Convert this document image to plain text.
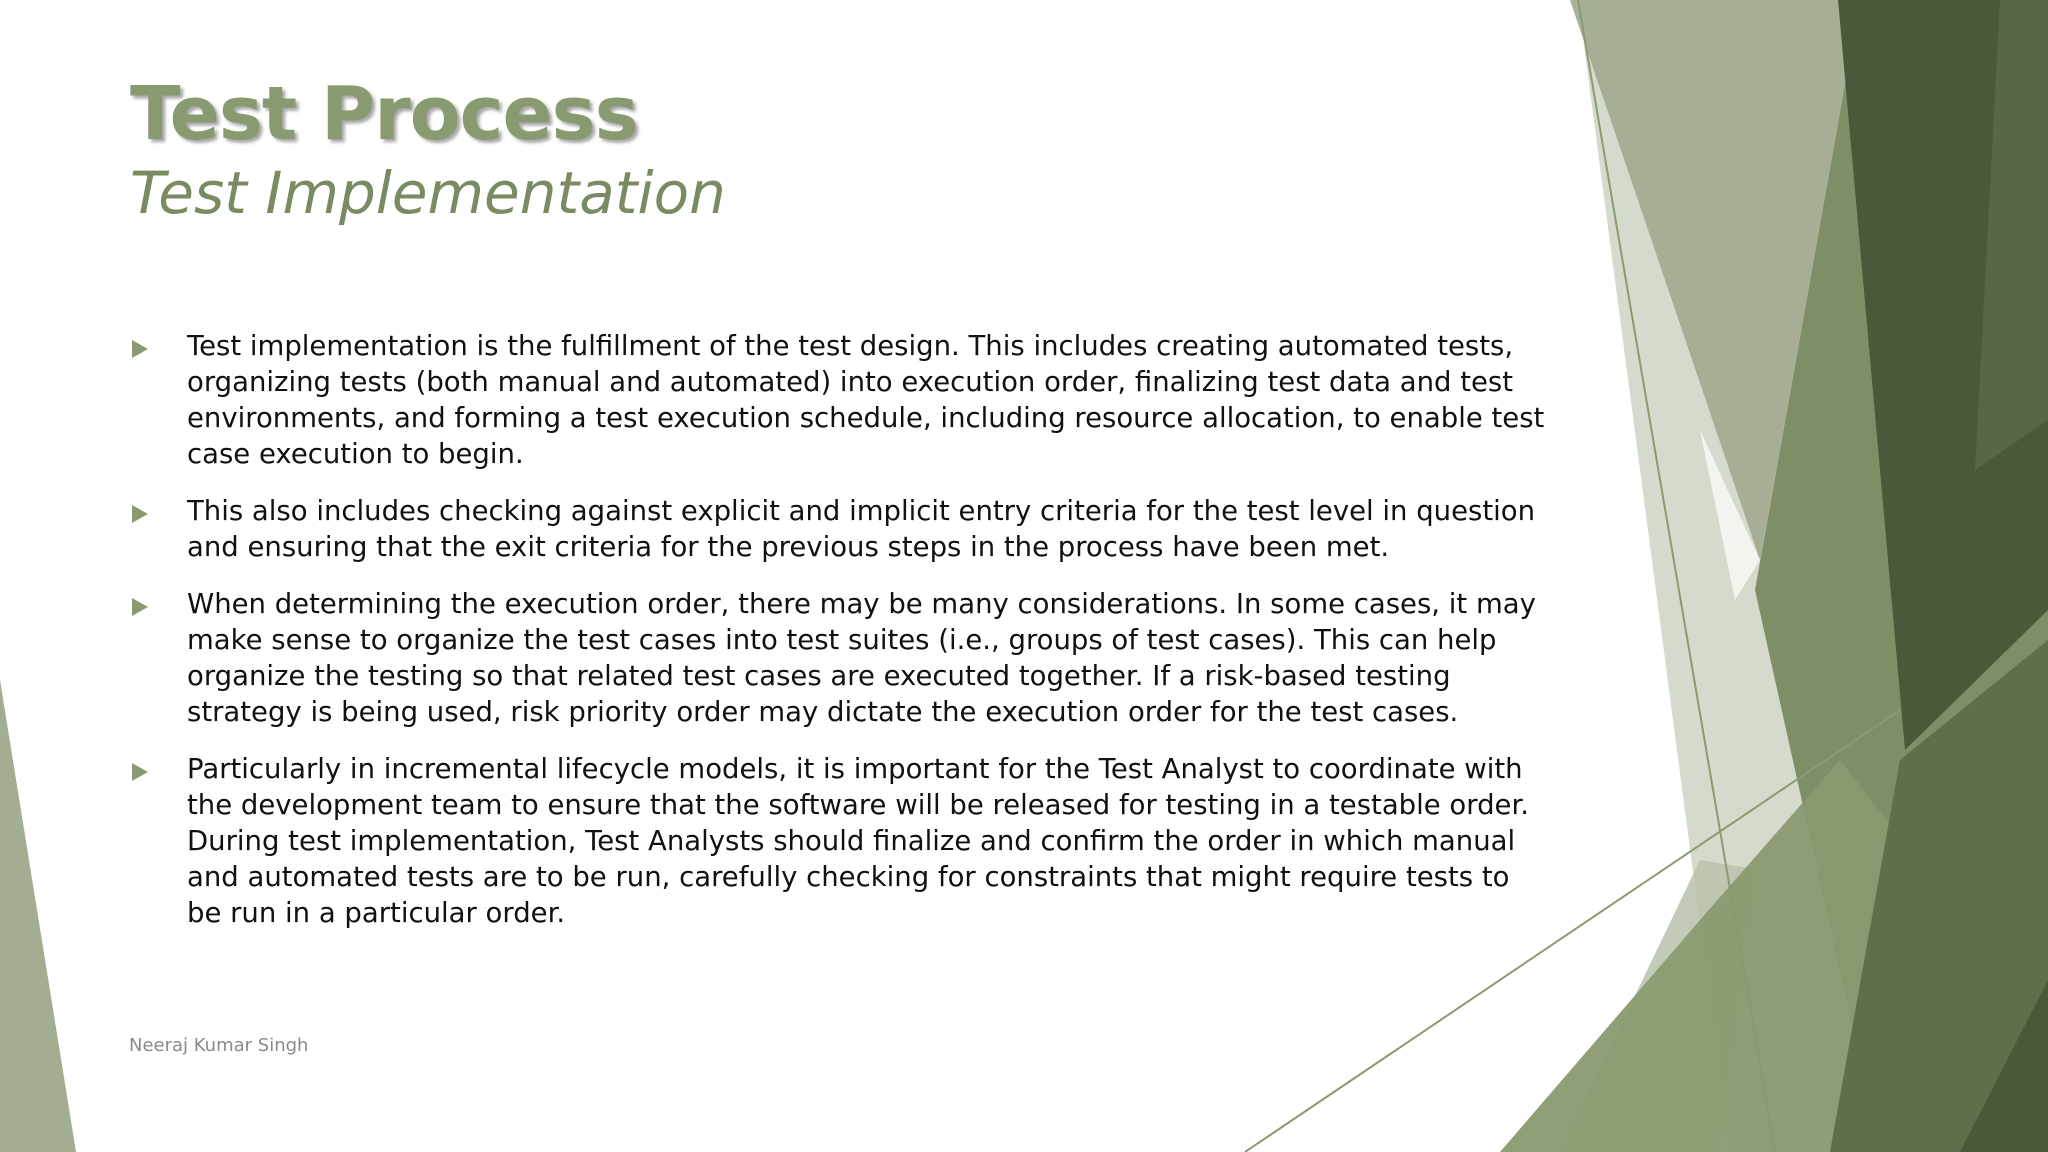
Test Process
Test Implementation
Test implementation is the fulfillment of the test design. This includes creating automated tests, organizing tests (both manual and automated) into execution order, finalizing test data and test environments, and forming a test execution schedule, including resource allocation, to enable test case execution to begin.
This also includes checking against explicit and implicit entry criteria for the test level in question and ensuring that the exit criteria for the previous steps in the process have been met.
When determining the execution order, there may be many considerations. In some cases, it may make sense to organize the test cases into test suites (i.e., groups of test cases). This can help organize the testing so that related test cases are executed together. If a risk-based testing strategy is being used, risk priority order may dictate the execution order for the test cases.
Particularly in incremental lifecycle models, it is important for the Test Analyst to coordinate with the development team to ensure that the software will be released for testing in a testable order. During test implementation, Test Analysts should finalize and confirm the order in which manual and automated tests are to be run, carefully checking for constraints that might require tests to be run in a particular order.
Neeraj Kumar Singh
